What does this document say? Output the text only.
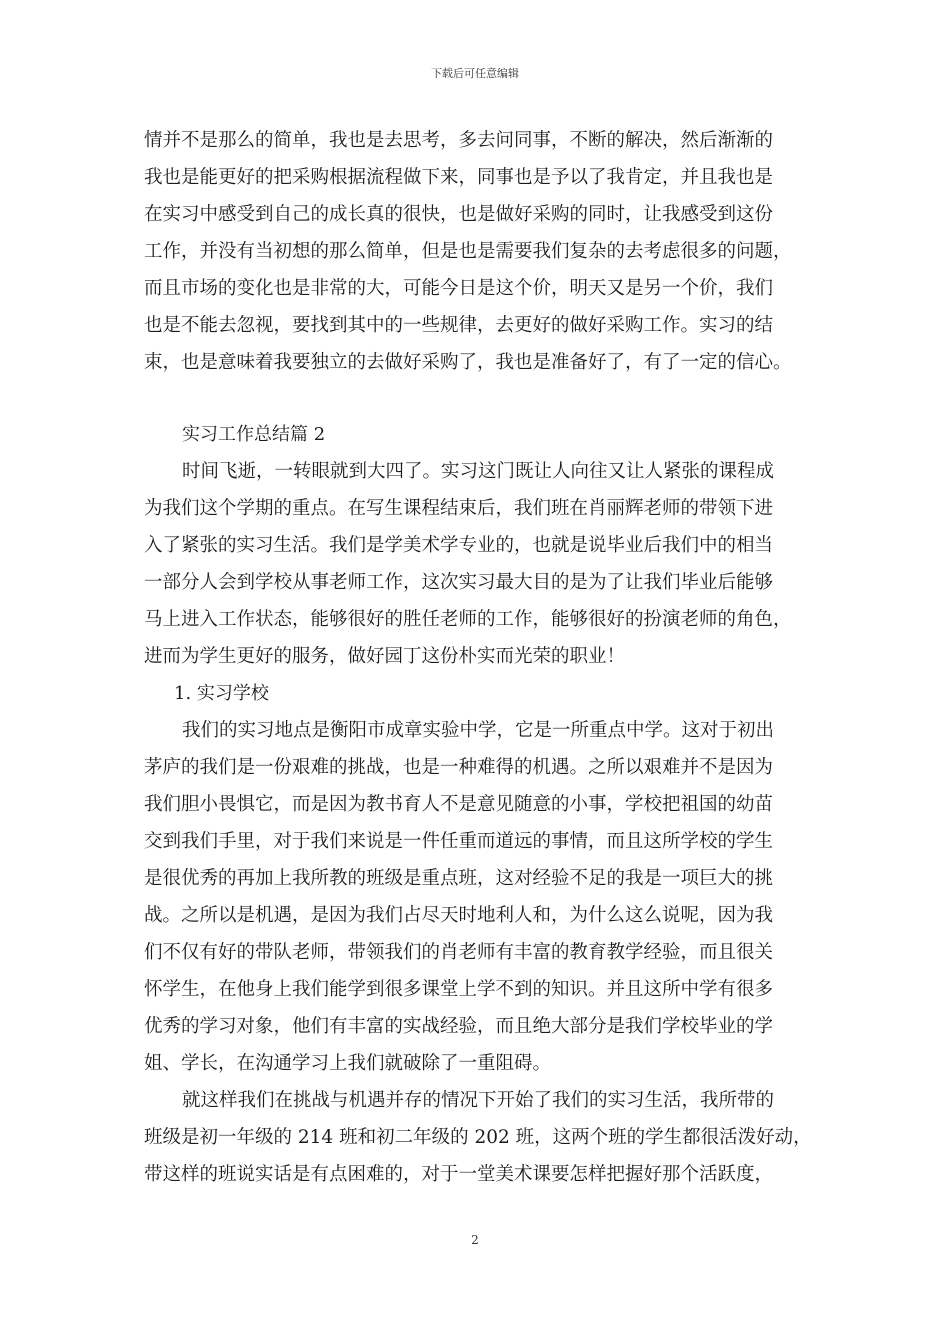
下载后可任意编辑
情并不是那么的简单，我也是去思考，多去问同事，不断的解决，然后渐渐的
我也是能更好的把采购根据流程做下来，同事也是予以了我肯定，并且我也是
在实习中感受到自己的成长真的很快，也是做好采购的同时，让我感受到这份
工作，并没有当初想的那么简单，但是也是需要我们复杂的去考虑很多的问题，
而且市场的变化也是非常的大，可能今日是这个价，明天又是另一个价，我们
也是不能去忽视，要找到其中的一些规律，去更好的做好采购工作。实习的结
束，也是意味着我要独立的去做好采购了，我也是准备好了，有了一定的信心。
实习工作总结篇 2
时间飞逝，一转眼就到大四了。实习这门既让人向往又让人紧张的课程成
为我们这个学期的重点。在写生课程结束后，我们班在肖丽辉老师的带领下进
入了紧张的实习生活。我们是学美术学专业的，也就是说毕业后我们中的相当
一部分人会到学校从事老师工作，这次实习最大目的是为了让我们毕业后能够
马上进入工作状态，能够很好的胜任老师的工作，能够很好的扮演老师的角色，
进而为学生更好的服务，做好园丁这份朴实而光荣的职业！
1. 实习学校
我们的实习地点是衡阳市成章实验中学，它是一所重点中学。这对于初出
茅庐的我们是一份艰难的挑战，也是一种难得的机遇。之所以艰难并不是因为
我们胆小畏惧它，而是因为教书育人不是意见随意的小事，学校把祖国的幼苗
交到我们手里，对于我们来说是一件任重而道远的事情，而且这所学校的学生
是很优秀的再加上我所教的班级是重点班，这对经验不足的我是一项巨大的挑
战。之所以是机遇，是因为我们占尽天时地利人和，为什么这么说呢，因为我
们不仅有好的带队老师，带领我们的肖老师有丰富的教育教学经验，而且很关
怀学生，在他身上我们能学到很多课堂上学不到的知识。并且这所中学有很多
优秀的学习对象，他们有丰富的实战经验，而且绝大部分是我们学校毕业的学
姐、学长，在沟通学习上我们就破除了一重阻碍。
就这样我们在挑战与机遇并存的情况下开始了我们的实习生活，我所带的
班级是初一年级的 214 班和初二年级的 202 班，这两个班的学生都很活泼好动，
带这样的班说实话是有点困难的，对于一堂美术课要怎样把握好那个活跃度，
2
